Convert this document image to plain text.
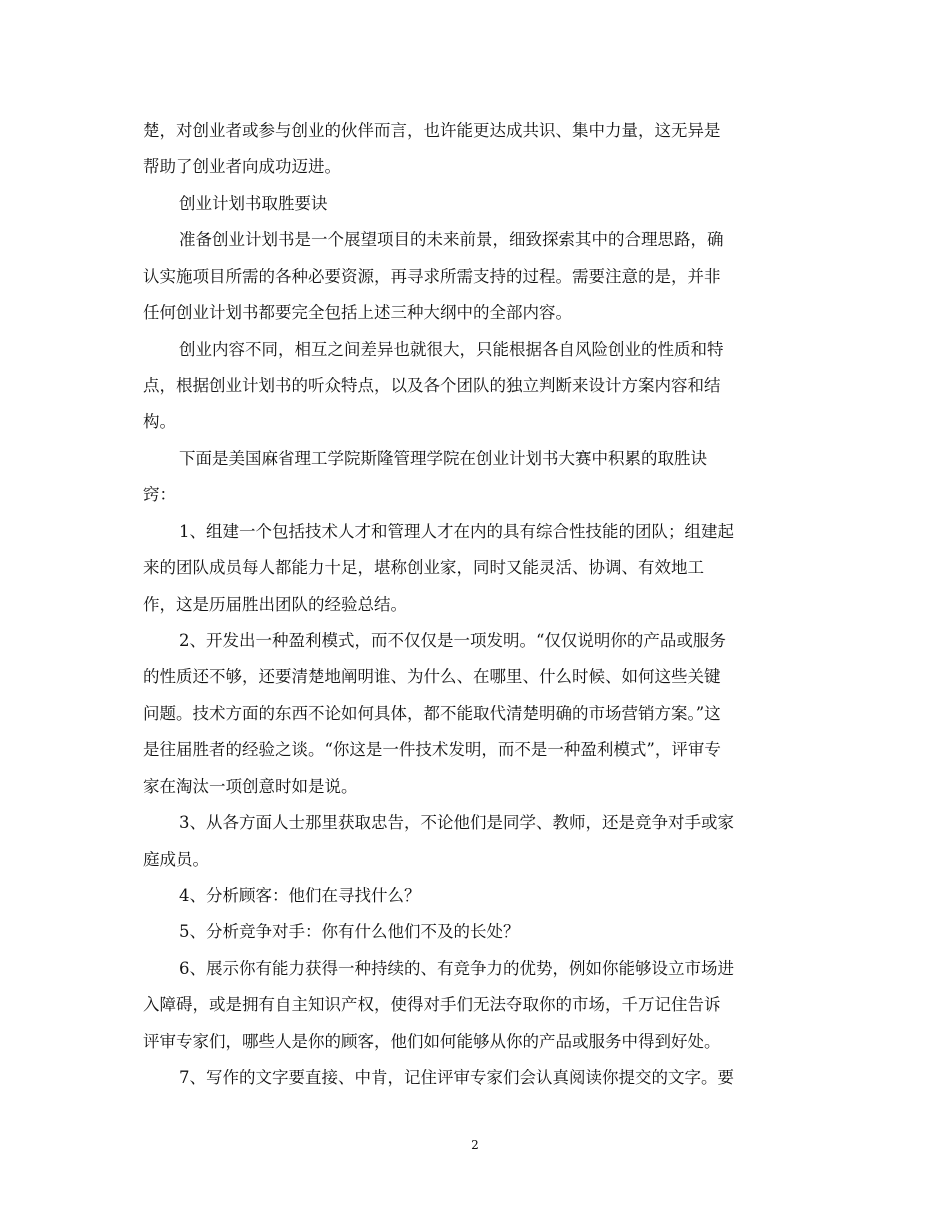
楚，对创业者或参与创业的伙伴而言，也许能更达成共识、集中力量，这无异是
帮助了创业者向成功迈进。
创业计划书取胜要诀
准备创业计划书是一个展望项目的未来前景，细致探索其中的合理思路，确
认实施项目所需的各种必要资源，再寻求所需支持的过程。需要注意的是，并非
任何创业计划书都要完全包括上述三种大纲中的全部内容。
创业内容不同，相互之间差异也就很大，只能根据各自风险创业的性质和特
点，根据创业计划书的听众特点，以及各个团队的独立判断来设计方案内容和结
构。
下面是美国麻省理工学院斯隆管理学院在创业计划书大赛中积累的取胜诀
窍：
1、组建一个包括技术人才和管理人才在内的具有综合性技能的团队；组建起
来的团队成员每人都能力十足，堪称创业家，同时又能灵活、协调、有效地工
作，这是历届胜出团队的经验总结。
2、开发出一种盈利模式，而不仅仅是一项发明。“仅仅说明你的产品或服务
的性质还不够，还要清楚地阐明谁、为什么、在哪里、什么时候、如何这些关键
问题。技术方面的东西不论如何具体，都不能取代清楚明确的市场营销方案。”这
是往届胜者的经验之谈。“你这是一件技术发明，而不是一种盈利模式”，评审专
家在淘汰一项创意时如是说。
3、从各方面人士那里获取忠告，不论他们是同学、教师，还是竞争对手或家
庭成员。
4、分析顾客：他们在寻找什么？
5、分析竞争对手：你有什么他们不及的长处？
6、展示你有能力获得一种持续的、有竞争力的优势，例如你能够设立市场进
入障碍，或是拥有自主知识产权，使得对手们无法夺取你的市场，千万记住告诉
评审专家们，哪些人是你的顾客，他们如何能够从你的产品或服务中得到好处。
7、写作的文字要直接、中肯，记住评审专家们会认真阅读你提交的文字。要
2
